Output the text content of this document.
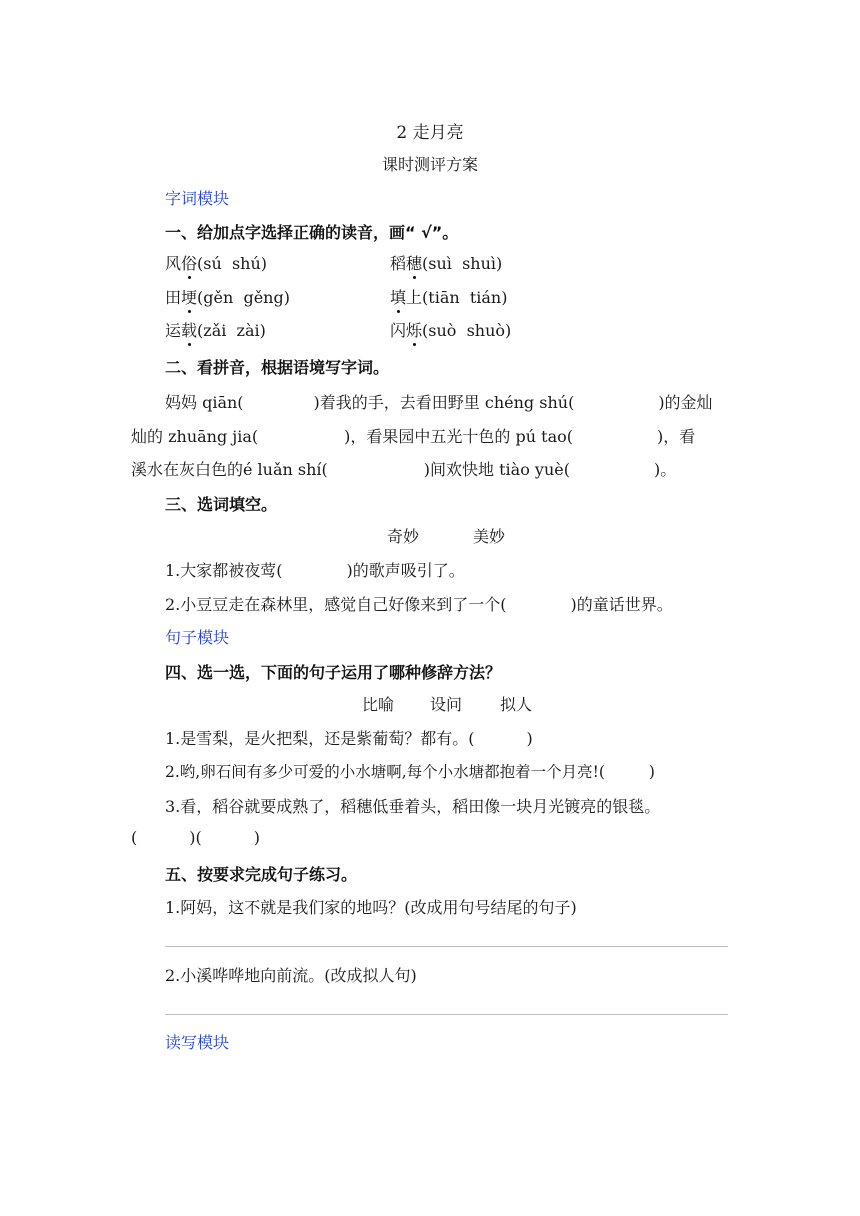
2 走月亮
课时测评方案
字词模块
一、给加点字选择正确的读音，画“ √”。
风俗(sú  shú)	稻穗(suì  shuì)
田埂(gěn  gěng)	填上(tiān  tián)
运载(zǎi  zài)	闪烁(suò  shuò)
二、看拼音，根据语境写字词。
妈妈 qiān(	)着我的手，去看田野里 chéng shú(	)的金灿
灿的 zhuāng jia(	)，看果园中五光十色的 pú tao(	)，看
溪水在灰白色的é luǎn shí(	)间欢快地 tiào yuè(	)。
三、选词填空。
奇妙	美妙
1.大家都被夜莺(	)的歌声吸引了。
2.小豆豆走在森林里，感觉自己好像来到了一个(	)的童话世界。
句子模块
四、选一选，下面的句子运用了哪种修辞方法？
比喻 设问 拟人
1.是雪梨，是火把梨，还是紫葡萄？都有。(	)
2.哟,卵石间有多少可爱的小水塘啊,每个小水塘都抱着一个月亮!(	)
3.看，稻谷就要成熟了，稻穗低垂着头，稻田像一块月光镀亮的银毯。
(	)(	)
五、按要求完成句子练习。
1.阿妈，这不就是我们家的地吗？(改成用句号结尾的句子)
2.小溪哗哗地向前流。(改成拟人句)
读写模块
